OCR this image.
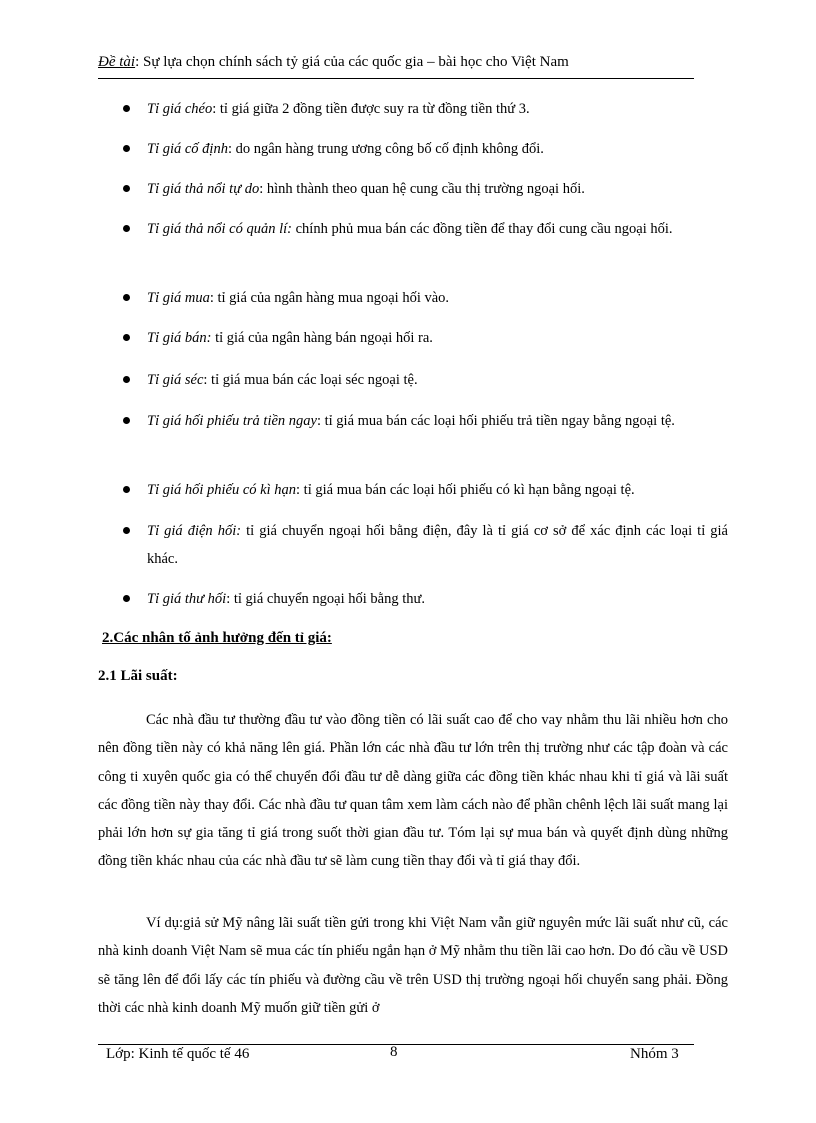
Đề tài: Sự lựa chọn chính sách tỷ giá của các quốc gia – bài học cho Việt Nam
Tỉ giá chéo: tỉ giá giữa 2 đồng tiền được suy ra từ đồng tiền thứ 3.
Tỉ giá cố định: do ngân hàng trung ương công bố cố định không đổi.
Tỉ giá thả nổi tự do: hình thành theo quan hệ cung cầu thị trường ngoại hối.
Tỉ giá thả nổi có quản lí: chính phủ mua bán các đồng tiền để thay đổi cung cầu ngoại hối.
Tỉ giá mua: tỉ giá của ngân hàng mua ngoại hối vào.
Tỉ giá bán: tỉ giá của ngân hàng bán ngoại hối ra.
Tỉ giá séc: tỉ giá mua bán các loại séc ngoại tệ.
Tỉ giá hối phiếu trả tiền ngay: tỉ giá mua bán các loại hối phiếu trả tiền ngay bằng ngoại tệ.
Tỉ giá hối phiếu có kì hạn: tỉ giá mua bán các loại hối phiếu có kì hạn bằng ngoại tệ.
Tỉ giá điện hối: tỉ giá chuyển ngoại hối bằng điện, đây là tỉ giá cơ sở để xác định các loại tỉ giá khác.
Tỉ giá thư hối: tỉ giá chuyển ngoại hối bằng thư.
2.Các nhân tố ảnh hưởng đến tỉ giá:
2.1 Lãi suất:
Các nhà đầu tư thường đầu tư vào đồng tiền có lãi suất cao để cho vay nhằm thu lãi nhiều hơn cho nên đồng tiền này có khả năng lên giá. Phần lớn các nhà đầu tư lớn trên thị trường như các tập đoàn và các công ti xuyên quốc gia có thể chuyển đổi đầu tư dễ dàng giữa các đồng tiền khác nhau khi tỉ giá và lãi suất các đồng tiền này thay đổi. Các nhà đầu tư quan tâm xem làm cách nào để phần chênh lệch lãi suất mang lại phải lớn hơn sự gia tăng tỉ giá trong suốt thời gian đầu tư. Tóm lại sự mua bán và quyết định dùng những đồng tiền khác nhau của các nhà đầu tư sẽ làm cung tiền thay đổi và tỉ giá thay đổi.
Ví dụ:giả sử Mỹ nâng lãi suất tiền gửi trong khi Việt Nam vẫn giữ nguyên mức lãi suất như cũ, các nhà kinh doanh Việt Nam sẽ mua các tín phiếu ngắn hạn ở Mỹ nhằm thu tiền lãi cao hơn. Do đó cầu về USD sẽ tăng lên để đổi lấy các tín phiếu và đường cầu về trên USD thị trường ngoại hối chuyển sang phải. Đồng thời các nhà kinh doanh Mỹ muốn giữ tiền gửi ở
Lớp: Kinh tế quốc tế 46	8	Nhóm 3
